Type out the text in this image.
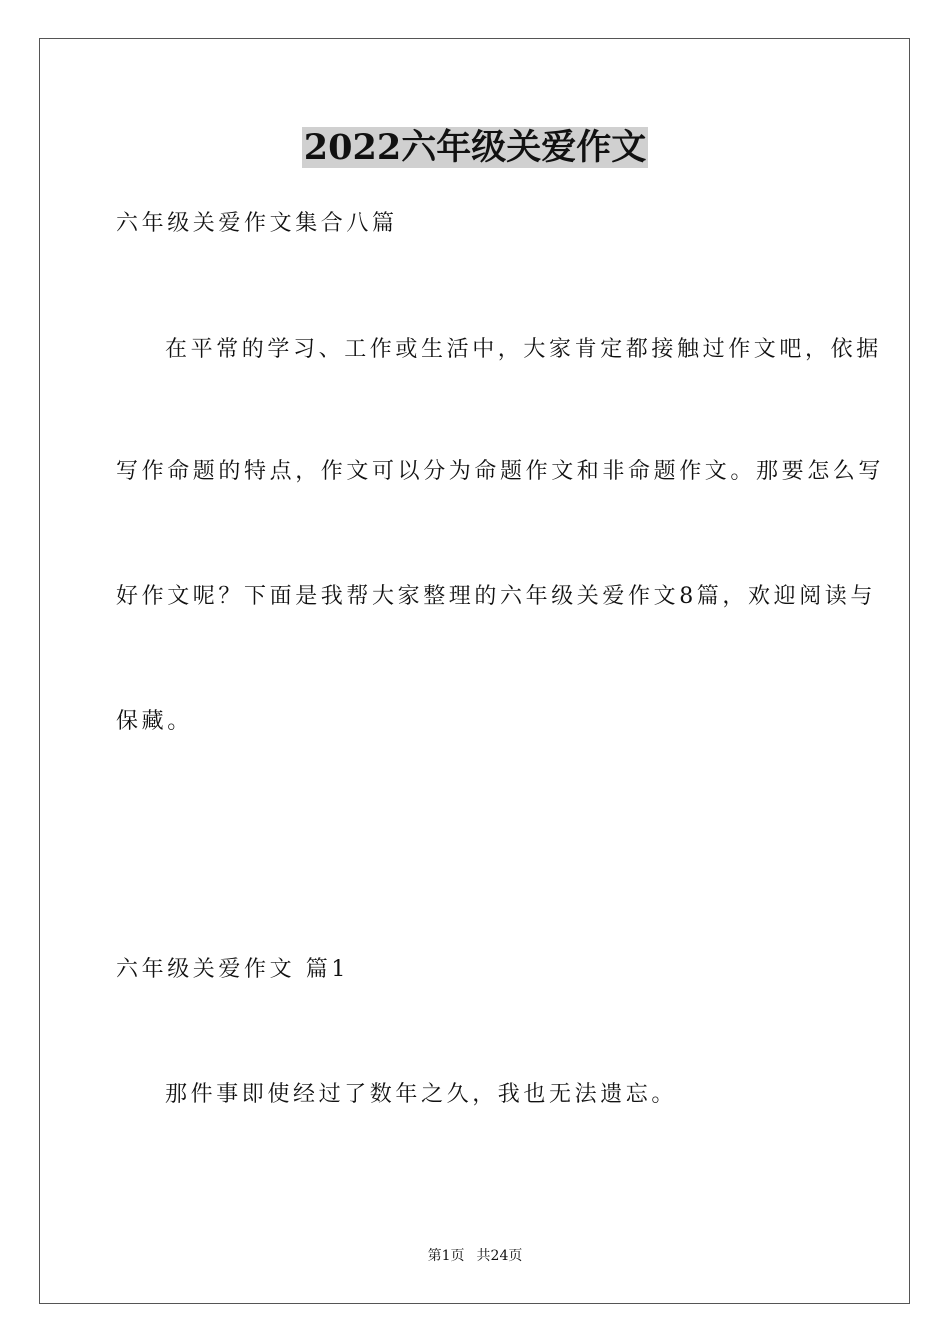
2022六年级关爱作文
六年级关爱作文集合八篇
在平常的学习、工作或生活中，大家肯定都接触过作文吧，依据
写作命题的特点，作文可以分为命题作文和非命题作文。那要怎么写
好作文呢？下面是我帮大家整理的六年级关爱作文8篇，欢迎阅读与
保藏。
六年级关爱作文 篇1
那件事即使经过了数年之久，我也无法遗忘。
第1页 共24页
